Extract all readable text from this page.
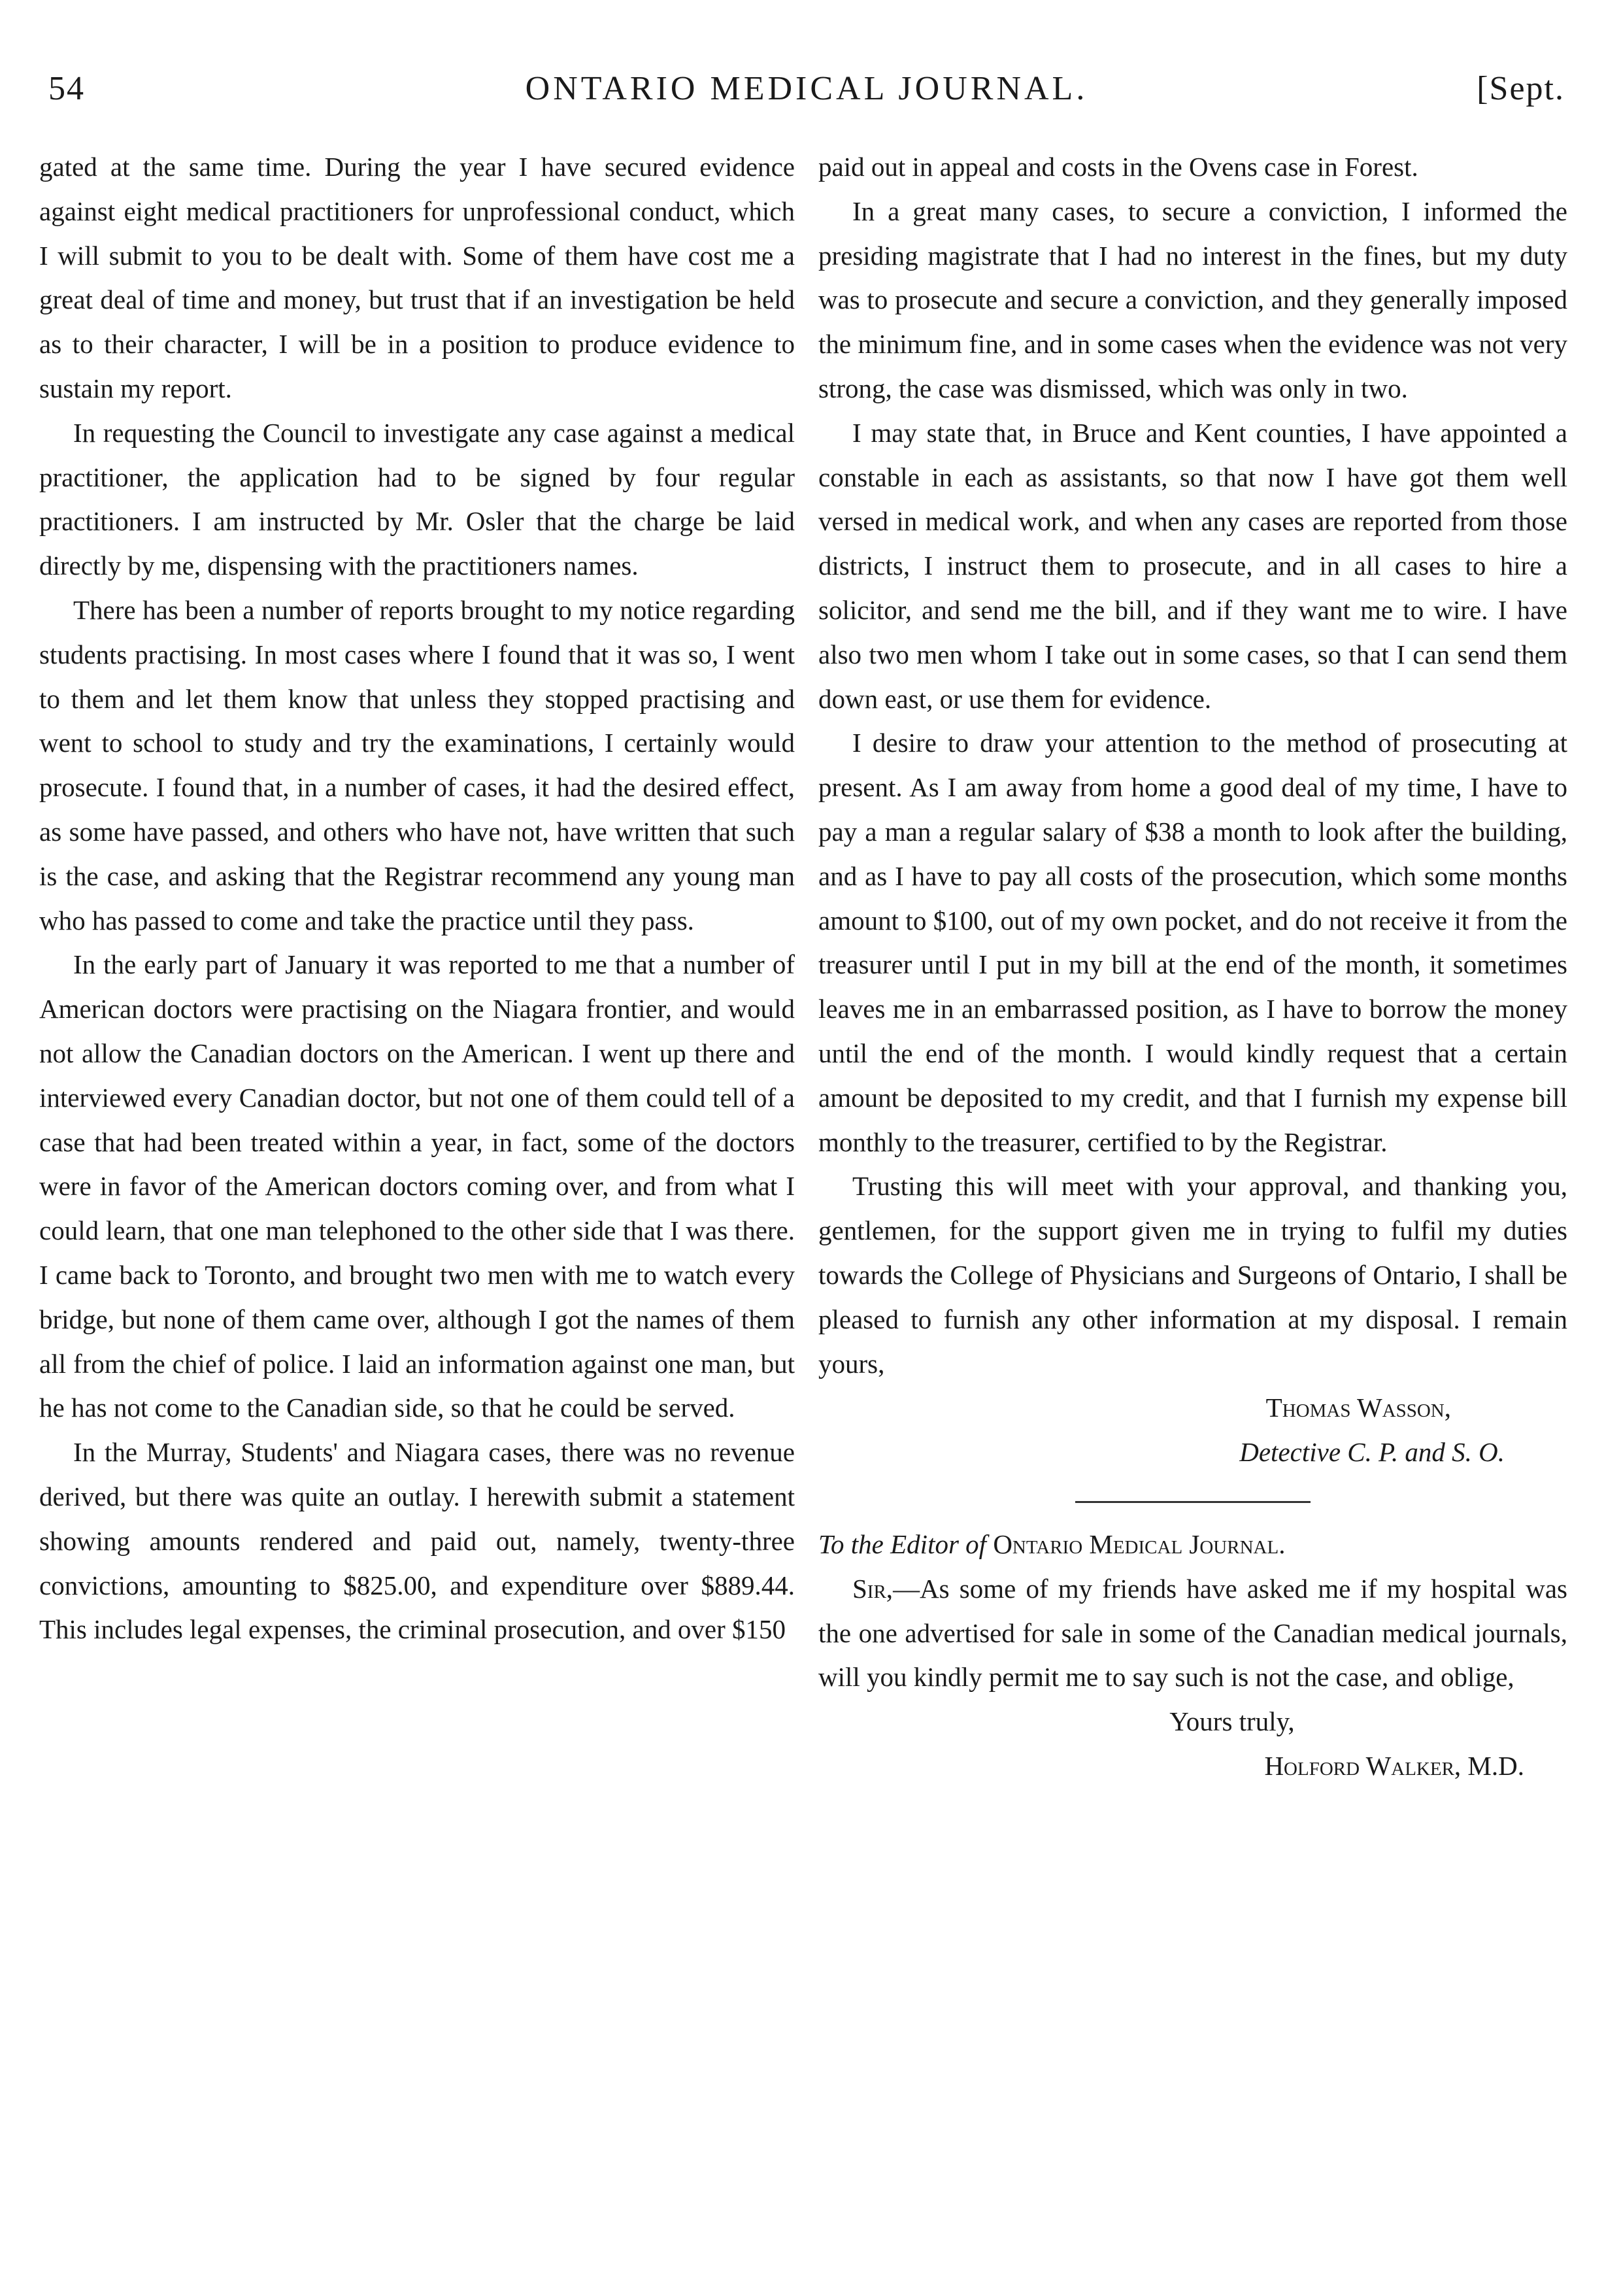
54	ONTARIO MEDICAL JOURNAL.	[Sept.

gated at the same time. During the year I have secured evidence against eight medical practitioners for unprofessional conduct, which I will submit to you to be dealt with. Some of them have cost me a great deal of time and money, but trust that if an investigation be held as to their character, I will be in a position to produce evidence to sustain my report.

In requesting the Council to investigate any case against a medical practitioner, the application had to be signed by four regular practitioners. I am instructed by Mr. Osler that the charge be laid directly by me, dispensing with the practitioners names.

There has been a number of reports brought to my notice regarding students practising. In most cases where I found that it was so, I went to them and let them know that unless they stopped practising and went to school to study and try the examinations, I certainly would prosecute. I found that, in a number of cases, it had the desired effect, as some have passed, and others who have not, have written that such is the case, and asking that the Registrar recommend any young man who has passed to come and take the practice until they pass.

In the early part of January it was reported to me that a number of American doctors were practising on the Niagara frontier, and would not allow the Canadian doctors on the American. I went up there and interviewed every Canadian doctor, but not one of them could tell of a case that had been treated within a year, in fact, some of the doctors were in favor of the American doctors coming over, and from what I could learn, that one man telephoned to the other side that I was there. I came back to Toronto, and brought two men with me to watch every bridge, but none of them came over, although I got the names of them all from the chief of police. I laid an information against one man, but he has not come to the Canadian side, so that he could be served.

In the Murray, Students' and Niagara cases, there was no revenue derived, but there was quite an outlay. I herewith submit a statement showing amounts rendered and paid out, namely, twenty-three convictions, amounting to $825.00, and expenditure over $889.44. This includes legal expenses, the criminal prosecution, and over $150

paid out in appeal and costs in the Ovens case in Forest.

In a great many cases, to secure a conviction, I informed the presiding magistrate that I had no interest in the fines, but my duty was to prosecute and secure a conviction, and they generally imposed the minimum fine, and in some cases when the evidence was not very strong, the case was dismissed, which was only in two.

I may state that, in Bruce and Kent counties, I have appointed a constable in each as assistants, so that now I have got them well versed in medical work, and when any cases are reported from those districts, I instruct them to prosecute, and in all cases to hire a solicitor, and send me the bill, and if they want me to wire. I have also two men whom I take out in some cases, so that I can send them down east, or use them for evidence.

I desire to draw your attention to the method of prosecuting at present. As I am away from home a good deal of my time, I have to pay a man a regular salary of $38 a month to look after the building, and as I have to pay all costs of the prosecution, which some months amount to $100, out of my own pocket, and do not receive it from the treasurer until I put in my bill at the end of the month, it sometimes leaves me in an embarrassed position, as I have to borrow the money until the end of the month. I would kindly request that a certain amount be deposited to my credit, and that I furnish my expense bill monthly to the treasurer, certified to by the Registrar.

Trusting this will meet with your approval, and thanking you, gentlemen, for the support given me in trying to fulfil my duties towards the College of Physicians and Surgeons of Ontario, I shall be pleased to furnish any other information at my disposal. I remain yours,

Thomas Wasson,

Detective C. P. and S. O.

To the Editor of Ontario Medical Journal.

Sir,—As some of my friends have asked me if my hospital was the one advertised for sale in some of the Canadian medical journals, will you kindly permit me to say such is not the case, and oblige,

Yours truly,

Holford Walker, M.D.
